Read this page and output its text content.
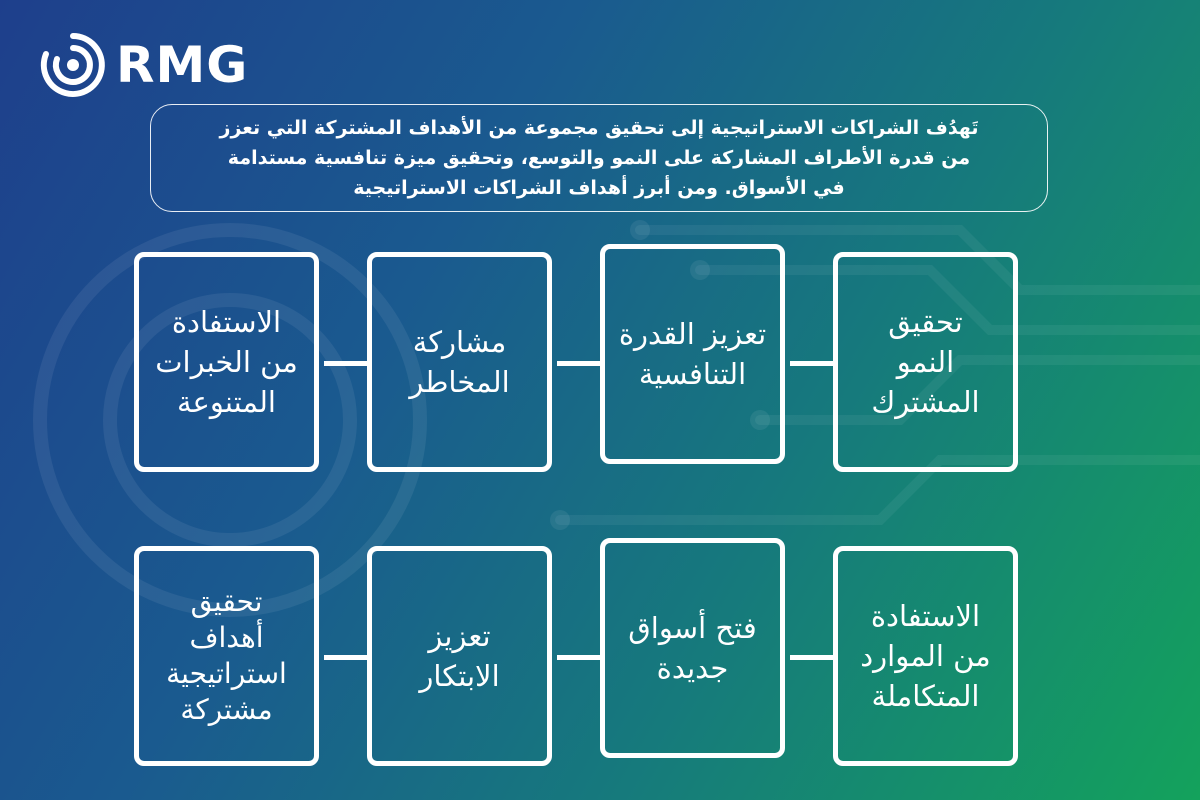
RMG

تَهدُف الشراكات الاستراتيجية إلى تحقيق مجموعة من الأهداف المشتركة التي تعزز
من قدرة الأطراف المشاركة على النمو والتوسع، وتحقيق ميزة تنافسية مستدامة
في الأسواق. ومن أبرز أهداف الشراكات الاستراتيجية

تحقيق
النمو
المشترك
تعزيز القدرة
التنافسية
مشاركة
المخاطر
الاستفادة
من الخبرات
المتنوعة
الاستفادة
من الموارد
المتكاملة
فتح أسواق
جديدة
تعزيز
الابتكار
تحقيق
أهداف
استراتيجية
مشتركة
